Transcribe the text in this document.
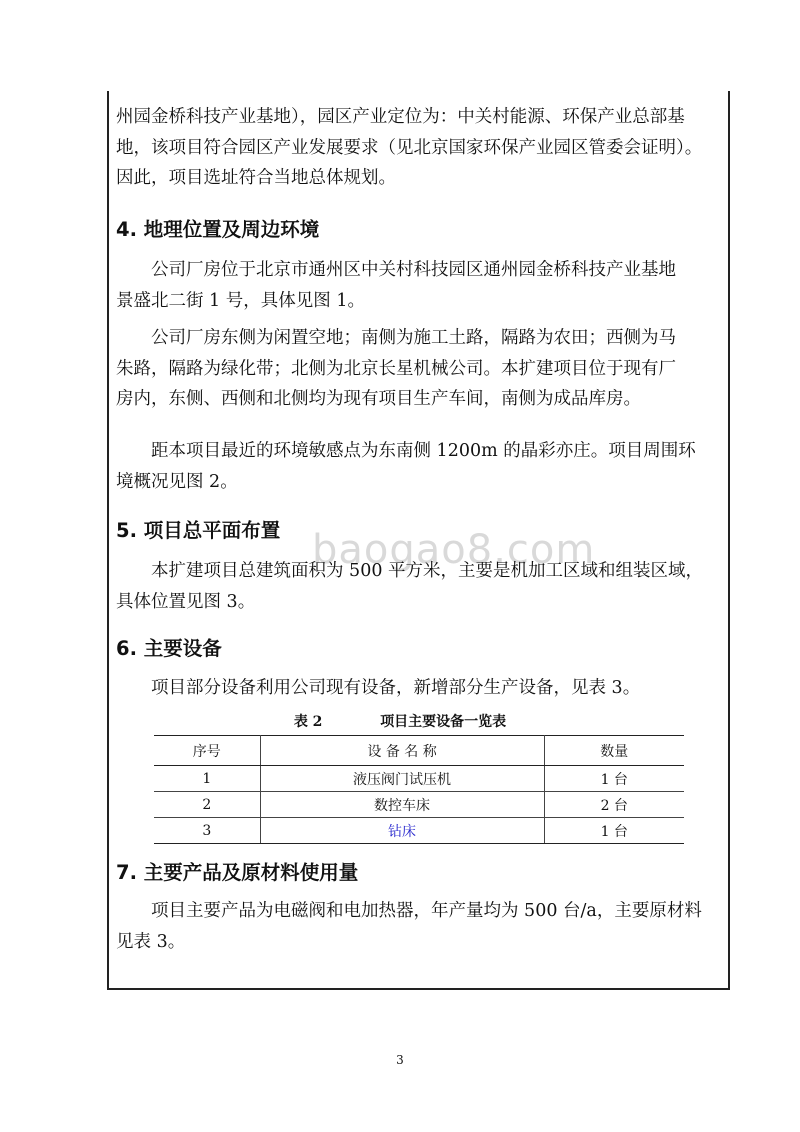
州园金桥科技产业基地），园区产业定位为：中关村能源、环保产业总部基
地，该项目符合园区产业发展要求（见北京国家环保产业园区管委会证明）。
因此，项目选址符合当地总体规划。

4. 地理位置及周边环境

　　公司厂房位于北京市通州区中关村科技园区通州园金桥科技产业基地
景盛北二街 1 号，具体见图 1。

　　公司厂房东侧为闲置空地；南侧为施工土路，隔路为农田；西侧为马
朱路，隔路为绿化带；北侧为北京长星机械公司。本扩建项目位于现有厂
房内，东侧、西侧和北侧均为现有项目生产车间，南侧为成品库房。

　　距本项目最近的环境敏感点为东南侧 1200m 的晶彩亦庄。项目周围环
境概况见图 2。

5. 项目总平面布置 baogao8.com

　　本扩建项目总建筑面积为 500 平方米，主要是机加工区域和组装区域，
具体位置见图 3。

6. 主要设备

　　项目部分设备利用公司现有设备，新增部分生产设备，见表 3。

表 2	项目主要设备一览表

序号	设 备 名 称	数量
1	液压阀门试压机	1 台
2	数控车床	2 台
3	钻床	1 台
7. 主要产品及原材料使用量

　　项目主要产品为电磁阀和电加热器，年产量均为 500 台/a，主要原材料
见表 3。

3
